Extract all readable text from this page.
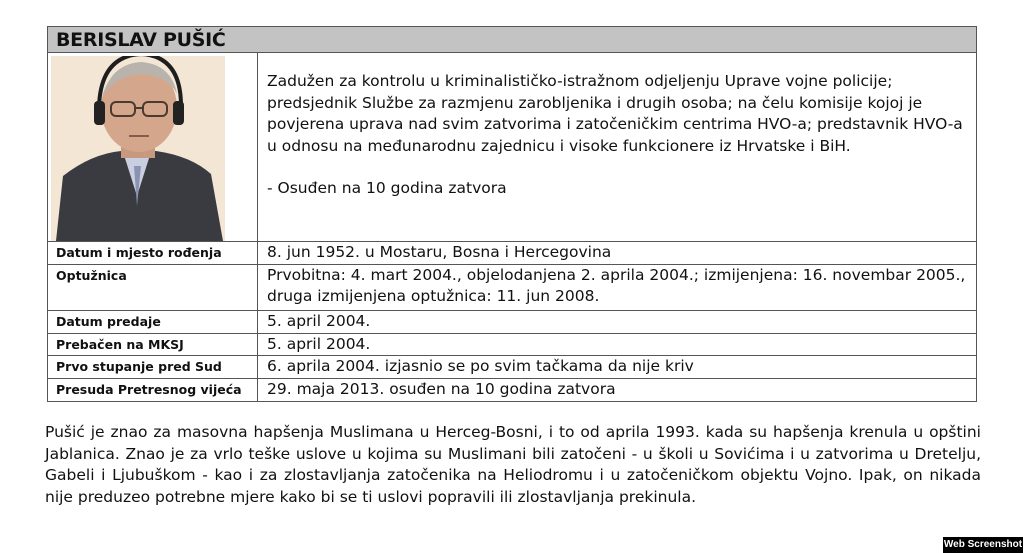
BERISLAV PUŠIĆ

Zadužen za kontrolu u kriminalističko-istražnom odjeljenju Uprave vojne policije; predsjednik Službe za razmjenu zarobljenika i drugih osoba; na čelu komisije kojoj je povjerena uprava nad svim zatvorima i zatočeničkim centrima HVO-a; predstavnik HVO-a u odnosu na međunarodnu zajednicu i visoke funkcionere iz Hrvatske i BiH.

- Osuđen na 10 godina zatvora

Datum i mjesto rođenja	8. jun 1952. u Mostaru, Bosna i Hercegovina
Optužnica	Prvobitna: 4. mart 2004., objelodanjena 2. aprila 2004.; izmijenjena: 16. novembar 2005., druga izmijenjena optužnica: 11. jun 2008.
Datum predaje	5. april 2004.
Prebačen na MKSJ	5. april 2004.
Prvo stupanje pred Sud	6. aprila 2004. izjasnio se po svim tačkama da nije kriv
Presuda Pretresnog vijeća	29. maja 2013. osuđen na 10 godina zatvora

Pušić je znao za masovna hapšenja Muslimana u Herceg-Bosni, i to od aprila 1993. kada su hapšenja krenula u opštini Jablanica. Znao je za vrlo teške uslove u kojima su Muslimani bili zatočeni - u školi u Sovićima i u zatvorima u Dretelju, Gabeli i Ljubuškom - kao i za zlostavljanja zatočenika na Heliodromu i u zatočeničkom objektu Vojno. Ipak, on nikada nije preduzeo potrebne mjere kako bi se ti uslovi popravili ili zlostavljanja prekinula.

Web Screenshot
